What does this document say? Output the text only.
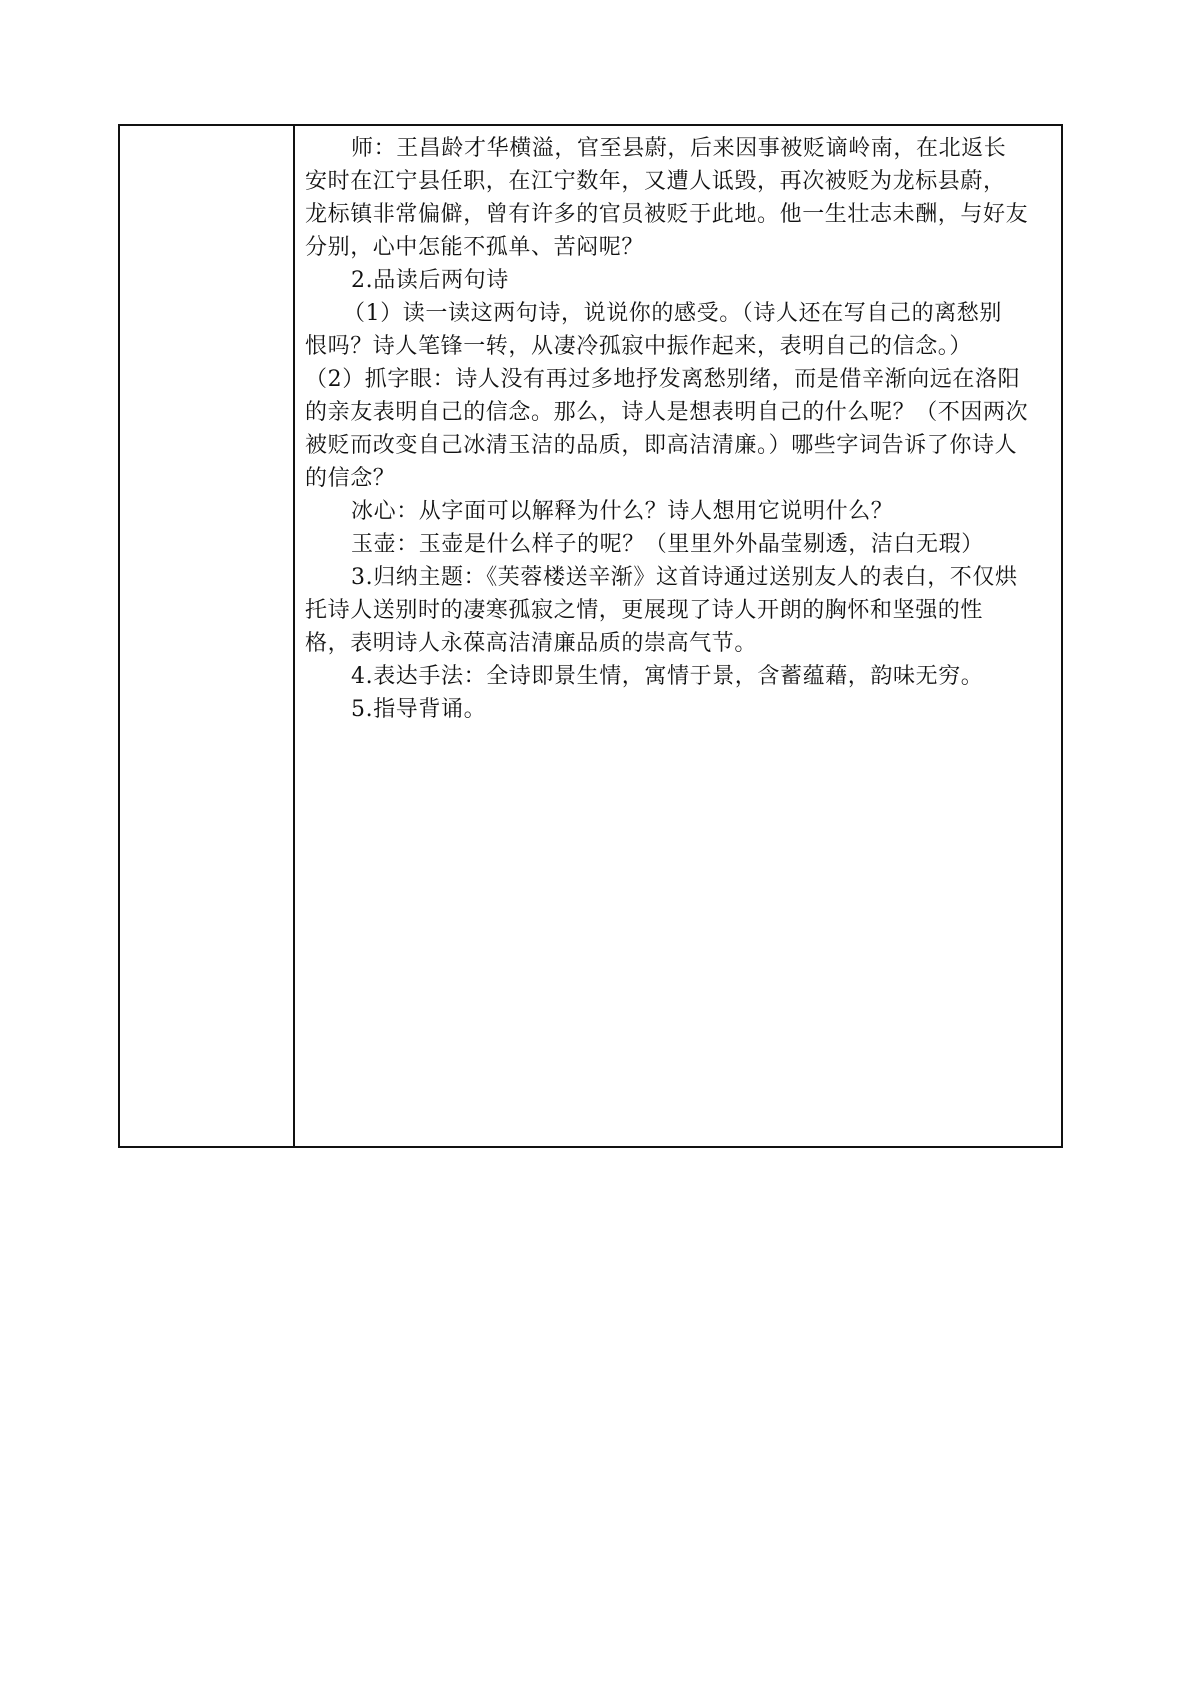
师：王昌龄才华横溢，官至县蔚，后来因事被贬谪岭南，在北返长
安时在江宁县任职，在江宁数年，又遭人诋毁，再次被贬为龙标县蔚，
龙标镇非常偏僻，曾有许多的官员被贬于此地。他一生壮志未酬，与好友
分别，心中怎能不孤单、苦闷呢？
2.品读后两句诗
（1）读一读这两句诗，说说你的感受。（诗人还在写自己的离愁别
恨吗？诗人笔锋一转，从凄冷孤寂中振作起来，表明自己的信念。）
（2）抓字眼：诗人没有再过多地抒发离愁别绪，而是借辛渐向远在洛阳
的亲友表明自己的信念。那么，诗人是想表明自己的什么呢？（不因两次
被贬而改变自己冰清玉洁的品质，即高洁清廉。）哪些字词告诉了你诗人
的信念？
冰心：从字面可以解释为什么？诗人想用它说明什么？
玉壶：玉壶是什么样子的呢？（里里外外晶莹剔透，洁白无瑕）
3.归纳主题：《芙蓉楼送辛渐》这首诗通过送别友人的表白，不仅烘
托诗人送别时的凄寒孤寂之情，更展现了诗人开朗的胸怀和坚强的性
格，表明诗人永葆高洁清廉品质的崇高气节。
4.表达手法：全诗即景生情，寓情于景，含蓄蕴藉，韵味无穷。
5.指导背诵。
